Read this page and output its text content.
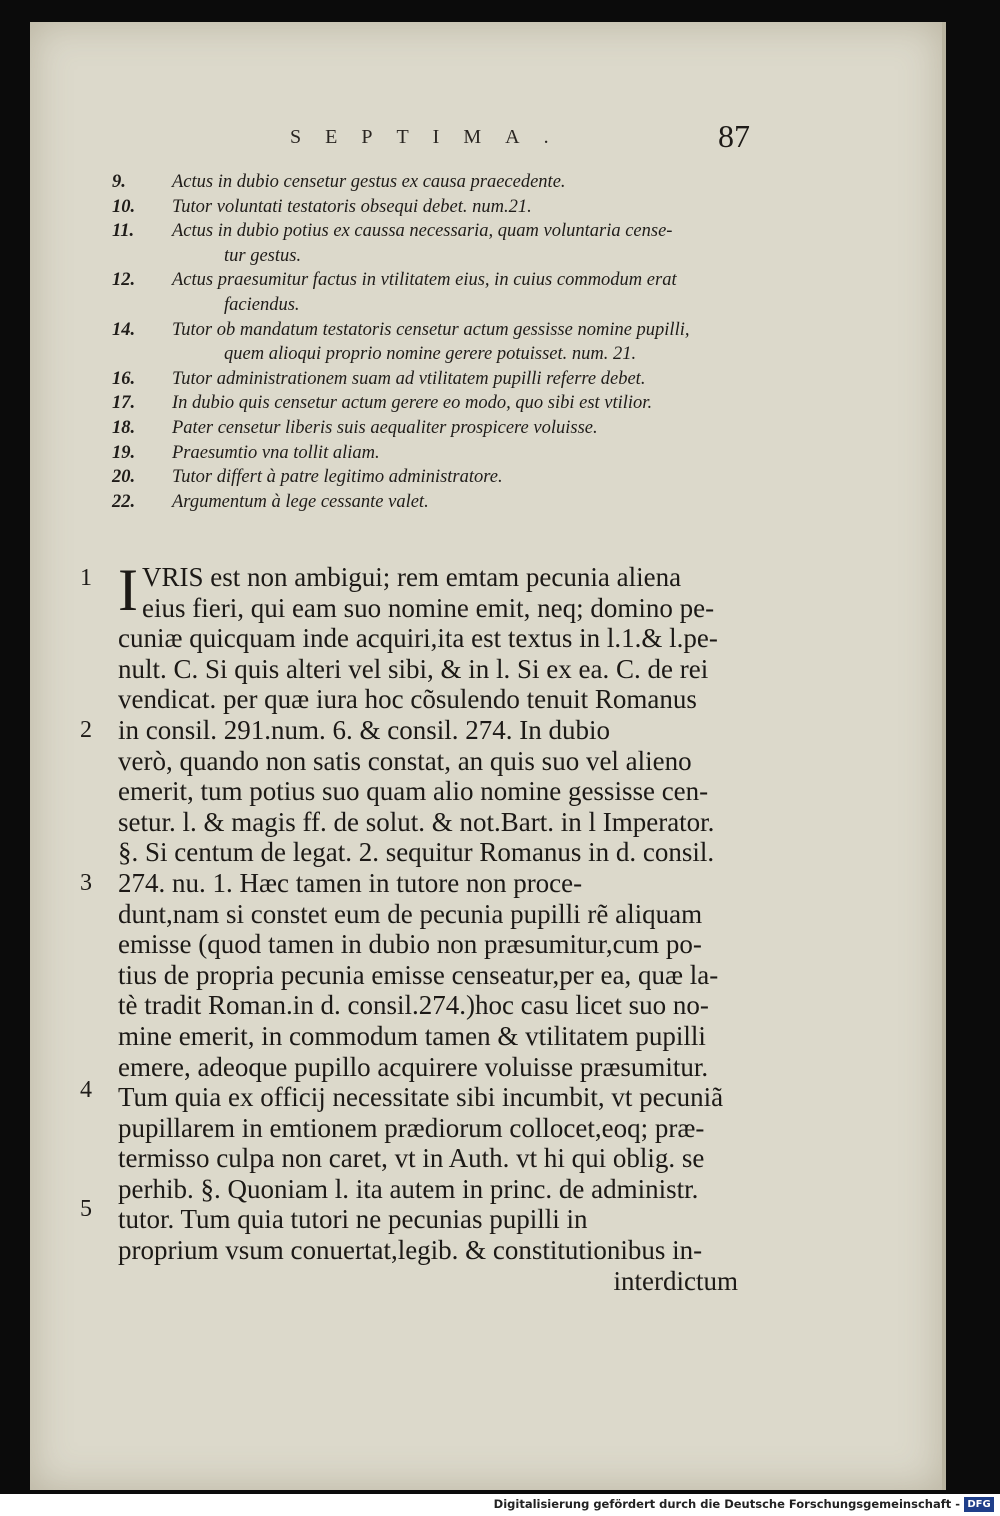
SEPTIMA.	87
9.	Actus in dubio censetur gestus ex causa praecedente.
10.	Tutor voluntati testatoris obsequi debet. num.21.
11.	Actus in dubio potius ex caussa necessaria, quam voluntaria cense-
tur gestus.
12.	Actus praesumitur factus in vtilitatem eius, in cuius commodum erat
faciendus.
14.	Tutor ob mandatum testatoris censetur actum gessisse nomine pupilli,
quem alioqui proprio nomine gerere potuisset. num. 21.
16.	Tutor administrationem suam ad vtilitatem pupilli referre debet.
17.	In dubio quis censetur actum gerere eo modo, quo sibi est vtilior.
18.	Pater censetur liberis suis aequaliter prospicere voluisse.
19.	Praesumtio vna tollit aliam.
20.	Tutor differt à patre legitimo administratore.
22.	Argumentum à lege cessante valet.
1
2
3
4
5
I VRIS est non ambigui; rem emtam pecunia aliena
eius fieri, qui eam suo nomine emit, neq; domino pe-
cuniæ quicquam inde acquiri,ita est textus in l.1.& l.pe-
nult. C. Si quis alteri vel sibi, & in l. Si ex ea. C. de rei
vendicat. per quæ iura hoc cõsulendo tenuit Romanus
in consil. 291.num. 6. & consil. 274. In dubio
verò, quando non satis constat, an quis suo vel alieno
emerit, tum potius suo quam alio nomine gessisse cen-
setur. l. & magis ff. de solut. & not.Bart. in l Imperator.
§. Si centum de legat. 2. sequitur Romanus in d. consil.
274. nu. 1. Hæc tamen in tutore non proce-
dunt,nam si constet eum de pecunia pupilli rẽ aliquam
emisse (quod tamen in dubio non præsumitur,cum po-
tius de propria pecunia emisse censeatur,per ea, quæ la-
tè tradit Roman.in d. consil.274.)hoc casu licet suo no-
mine emerit, in commodum tamen & vtilitatem pupilli
emere, adeoque pupillo acquirere voluisse præsumitur.
Tum quia ex officij necessitate sibi incumbit, vt pecuniã
pupillarem in emtionem prædiorum collocet,eoq; præ-
termisso culpa non caret, vt in Auth. vt hi qui oblig. se
perhib. §. Quoniam l. ita autem in princ. de administr.
tutor. Tum quia tutori ne pecunias pupilli in
proprium vsum conuertat,legib. & constitutionibus in-
interdictum
Digitalisierung gefördert durch die Deutsche Forschungsgemeinschaft - DFG
